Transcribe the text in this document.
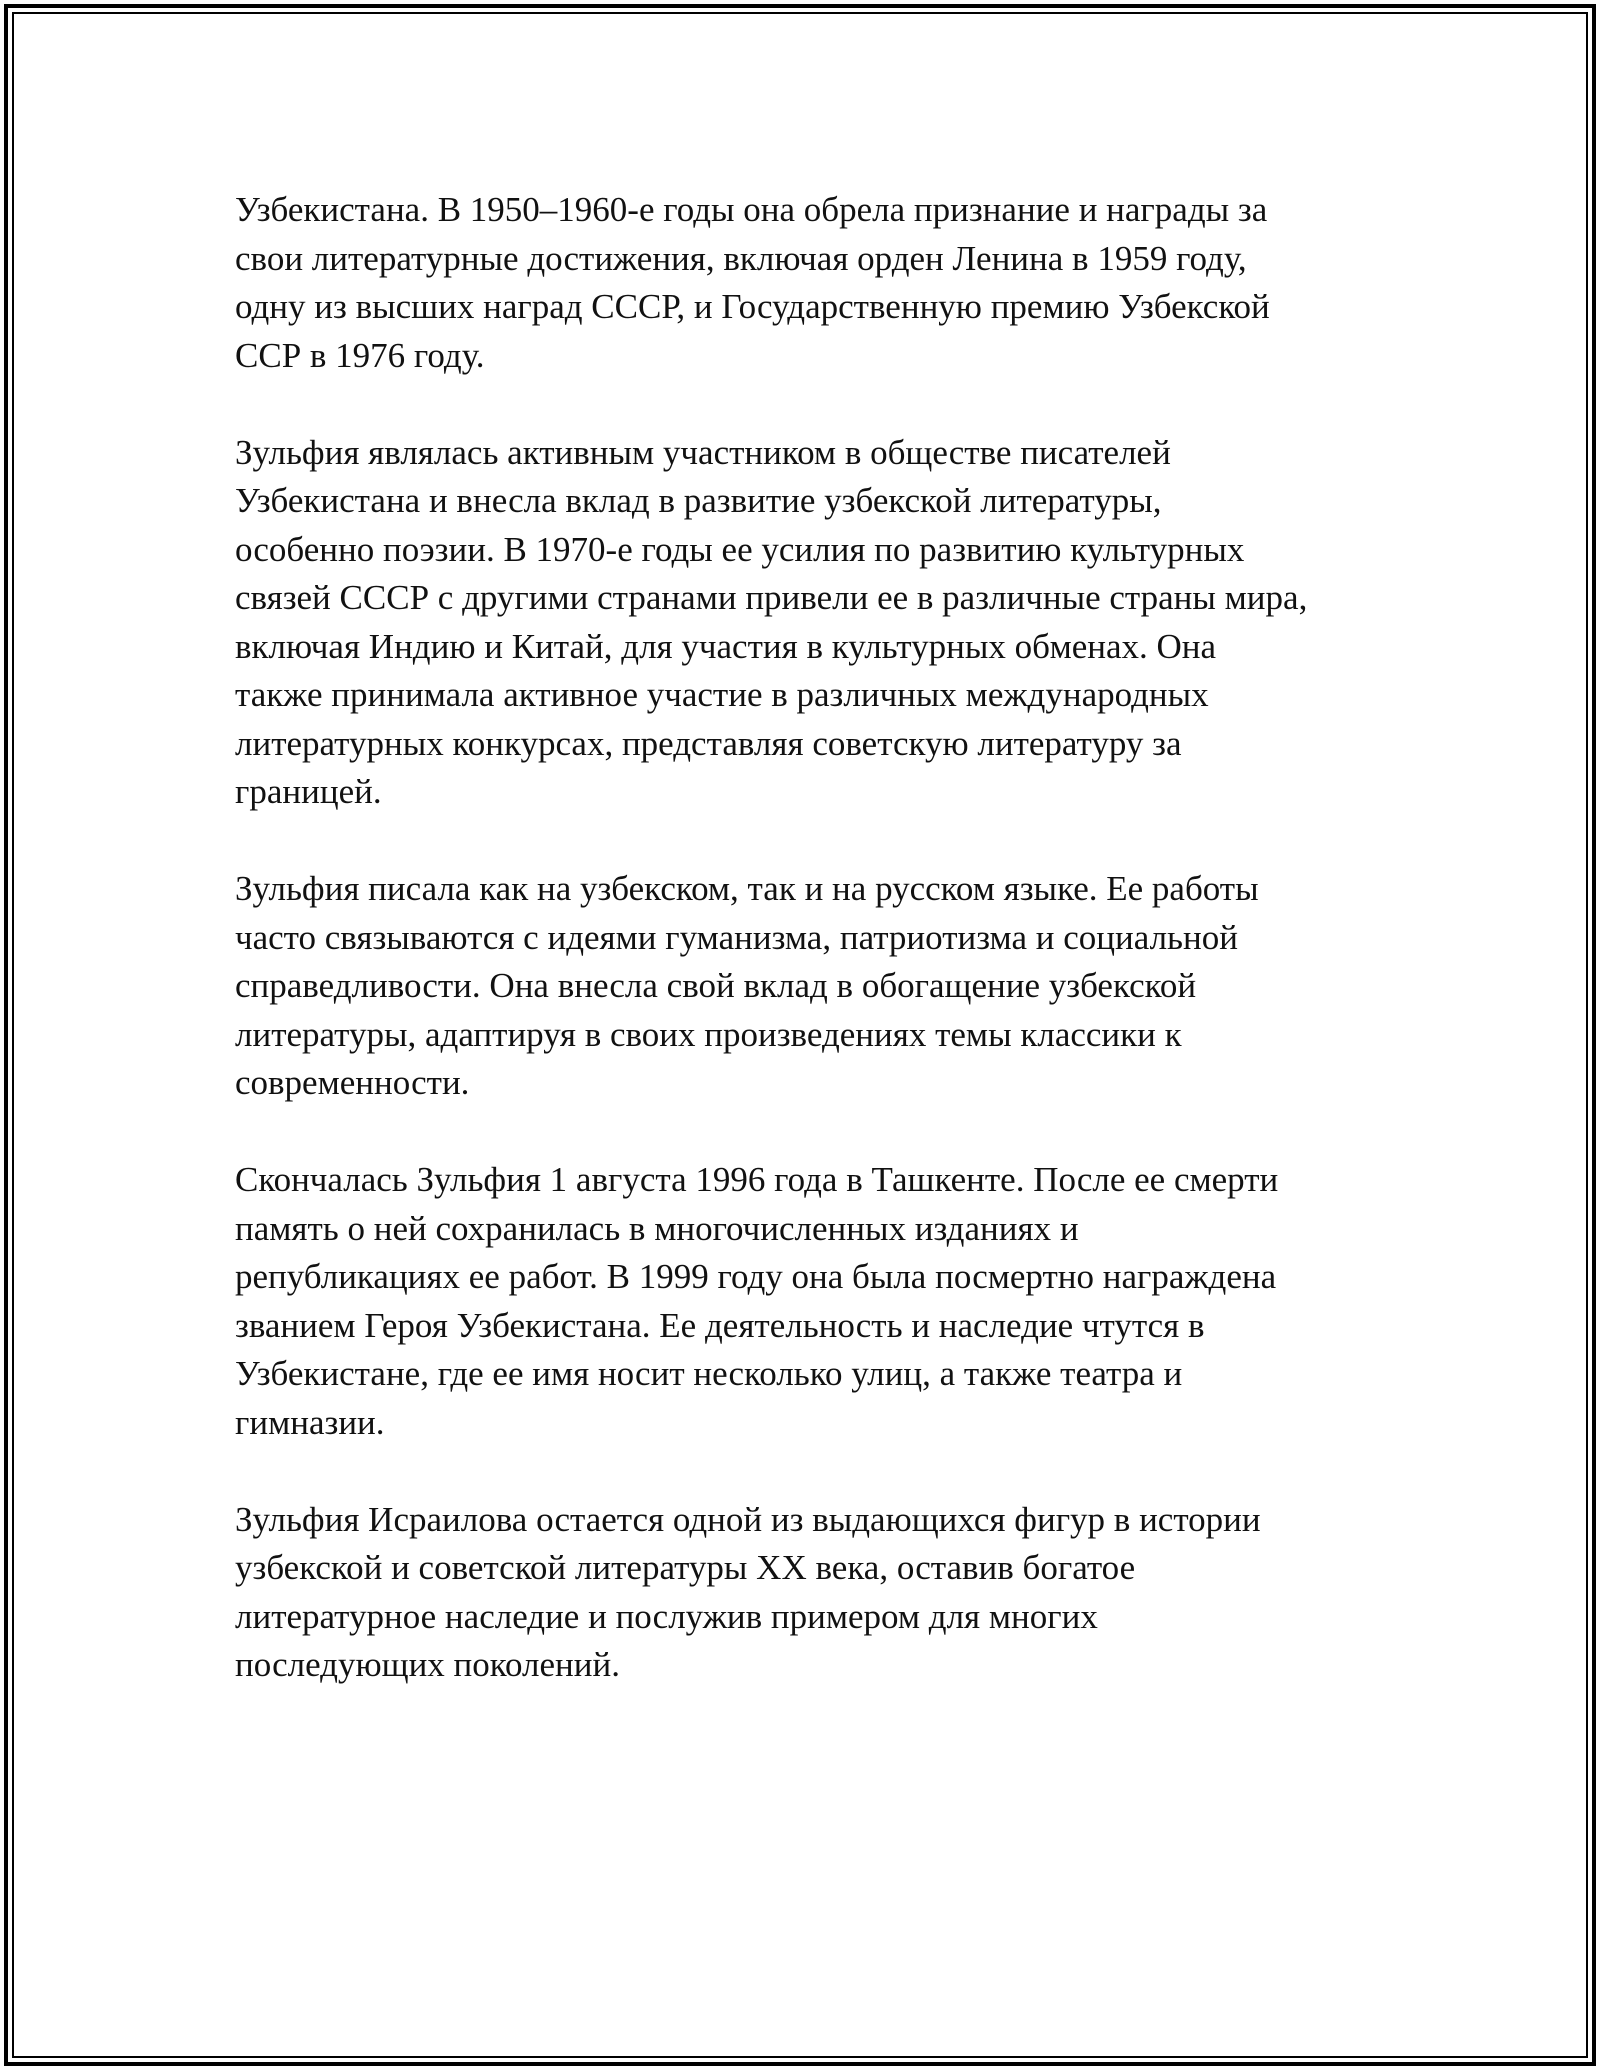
Узбекистана. В 1950–1960-е годы она обрела признание и награды за
свои литературные достижения, включая орден Ленина в 1959 году,
одну из высших наград СССР, и Государственную премию Узбекской
ССР в 1976 году.

Зульфия являлась активным участником в обществе писателей
Узбекистана и внесла вклад в развитие узбекской литературы,
особенно поэзии. В 1970-е годы ее усилия по развитию культурных
связей СССР с другими странами привели ее в различные страны мира,
включая Индию и Китай, для участия в культурных обменах. Она
также принимала активное участие в различных международных
литературных конкурсах, представляя советскую литературу за
границей.

Зульфия писала как на узбекском, так и на русском языке. Ее работы
часто связываются с идеями гуманизма, патриотизма и социальной
справедливости. Она внесла свой вклад в обогащение узбекской
литературы, адаптируя в своих произведениях темы классики к
современности.

Скончалась Зульфия 1 августа 1996 года в Ташкенте. После ее смерти
память о ней сохранилась в многочисленных изданиях и
републикациях ее работ. В 1999 году она была посмертно награждена
званием Героя Узбекистана. Ее деятельность и наследие чтутся в
Узбекистане, где ее имя носит несколько улиц, а также театра и
гимназии.

Зульфия Исраилова остается одной из выдающихся фигур в истории
узбекской и советской литературы XX века, оставив богатое
литературное наследие и послужив примером для многих
последующих поколений.
